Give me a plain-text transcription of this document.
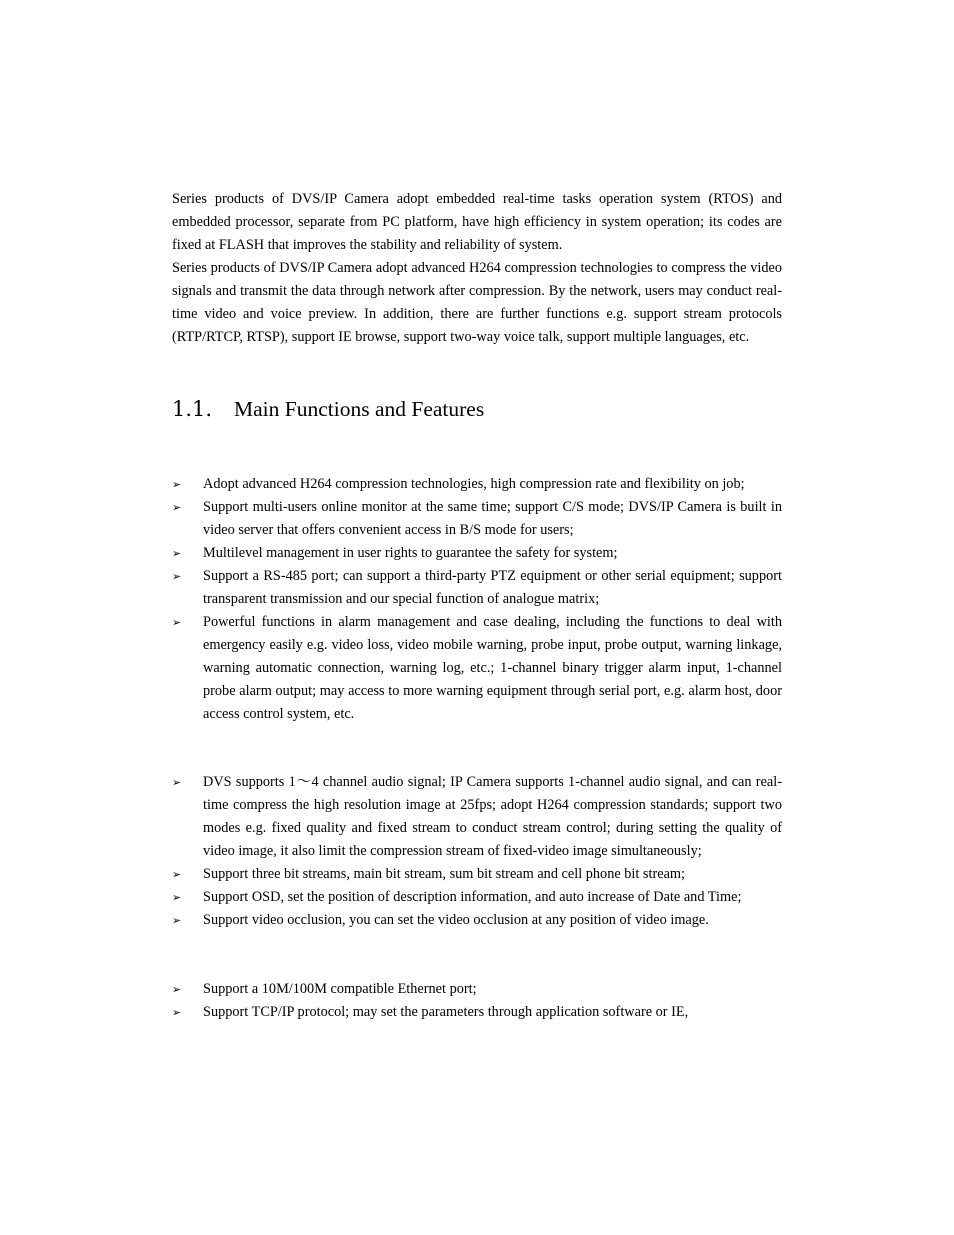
Series products of DVS/IP Camera adopt embedded real-time tasks operation system (RTOS) and embedded processor, separate from PC platform, have high efficiency in system operation; its codes are fixed at FLASH that improves the stability and reliability of system.

Series products of DVS/IP Camera adopt advanced H264 compression technologies to compress the video signals and transmit the data through network after compression. By the network, users may conduct real-time video and voice preview. In addition, there are further functions e.g. support stream protocols (RTP/RTCP, RTSP), support IE browse, support two-way voice talk, support multiple languages, etc.

1.1.	Main Functions and Features
➢	Adopt advanced H264 compression technologies, high compression rate and flexibility on job;
➢	Support multi-users online monitor at the same time; support C/S mode; DVS/IP Camera is built in video server that offers convenient access in B/S mode for users;
➢	Multilevel management in user rights to guarantee the safety for system;
➢	Support a RS-485 port; can support a third-party PTZ equipment or other serial equipment; support transparent transmission and our special function of analogue matrix;
➢	Powerful functions in alarm management and case dealing, including the functions to deal with emergency easily e.g. video loss, video mobile warning, probe input, probe output, warning linkage, warning automatic connection, warning log, etc.; 1-channel binary trigger alarm input, 1-channel probe alarm output; may access to more warning equipment through serial port, e.g. alarm host, door access control system, etc.
➢	DVS supports 1～4 channel audio signal; IP Camera supports 1-channel audio signal, and can real-time compress the high resolution image at 25fps; adopt H264 compression standards; support two modes e.g. fixed quality and fixed stream to conduct stream control; during setting the quality of video image, it also limit the compression stream of fixed-video image simultaneously;
➢	Support three bit streams, main bit stream, sum bit stream and cell phone bit stream;
➢	Support OSD, set the position of description information, and auto increase of Date and Time;
➢	Support video occlusion, you can set the video occlusion at any position of video image.
➢	Support a 10M/100M compatible Ethernet port;
➢	Support TCP/IP protocol; may set the parameters through application software or IE,
